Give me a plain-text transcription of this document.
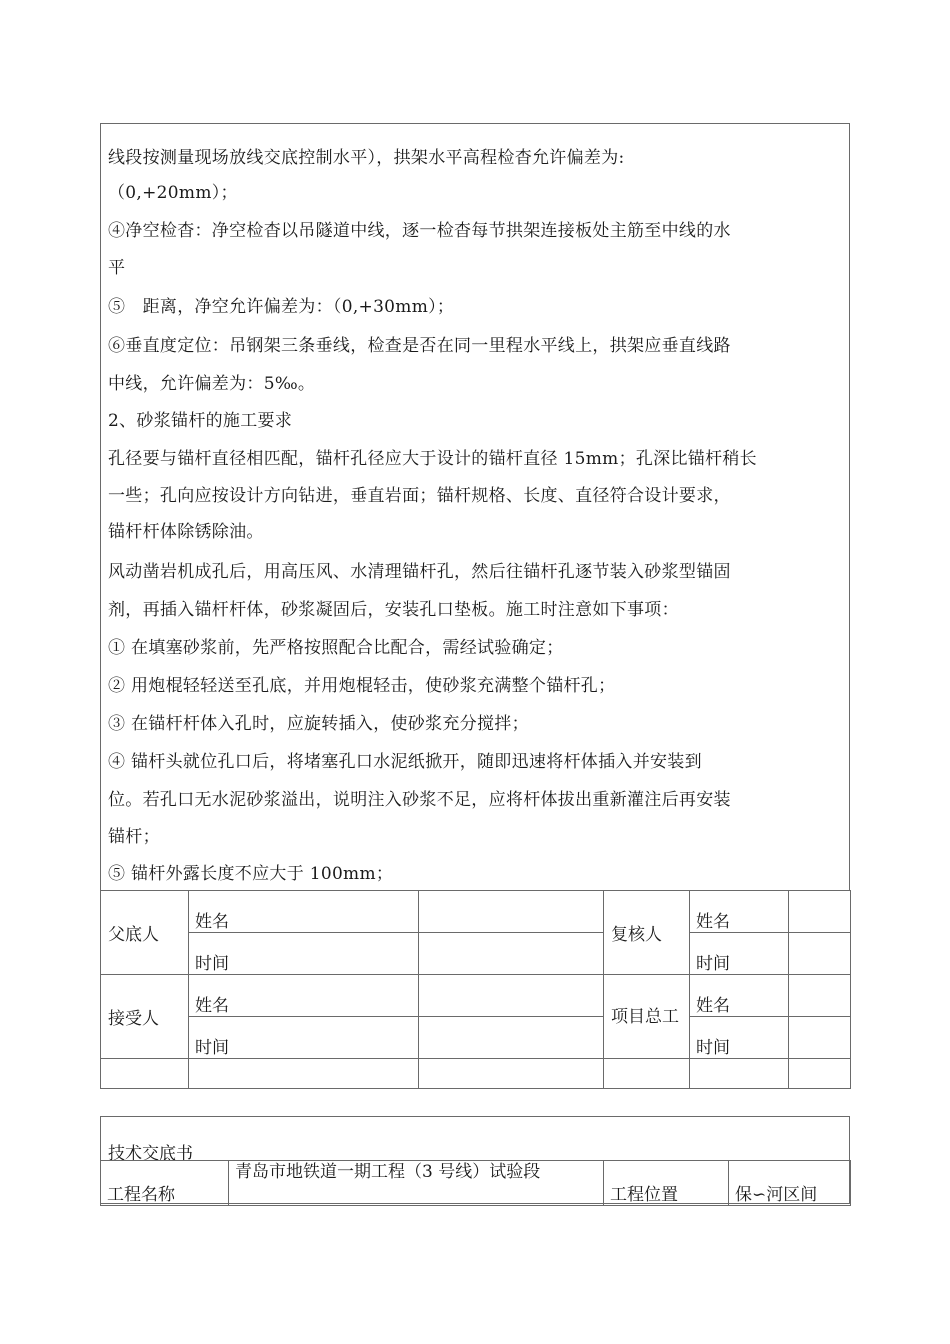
线段按测量现场放线交底控制水平），拱架水平高程检杳允许偏差为:
（0,+20mm）；
④净空检杳：净空检杳以吊隧道中线，逐一检杳每节拱架连接板处主筋至中线的水
平
⑤　距离，净空允许偏差为：（0,+30mm）；
⑥垂直度定位：吊钢架三条垂线，检查是否在同一里程水平线上，拱架应垂直线路
中线，允许偏差为：5‰。
2、砂浆锚杆的施工要求
孔径要与锚杆直径相匹配，锚杆孔径应大于设计的锚杆直径 15mm；孔深比锚杆稍长
一些；孔向应按设计方向钻进，垂直岩面；锚杆规格、长度、直径符合设计要求，
锚杆杆体除锈除油。
风动凿岩机成孔后，用高压风、水清理锚杆孔，然后往锚杆孔逐节装入砂浆型锚固
剂，再插入锚杆杆体，砂浆凝固后，安装孔口垫板。施工时注意如下事项：
① 在填塞砂浆前，先严格按照配合比配合，需经试验确定；
② 用炮棍轻轻送至孔底，并用炮棍轻击，使砂浆充满整个锚杆孔；
③ 在锚杆杆体入孔时，应旋转插入，使砂浆充分搅拌；
④ 锚杆头就位孔口后，将堵塞孔口水泥纸掀开，随即迅速将杆体插入并安装到
位。若孔口无水泥砂浆溢出，说明注入砂浆不足，应将杆体拔出重新灌注后再安装
锚杆；
⑤ 锚杆外露长度不应大于 100mm；
父底人	姓名		复核人	姓名	
	时间			时间	
接受人	姓名		项目总工	姓名	
	时间			时间	

技术交底书
工程名称	青岛市地铁道一期工程（3 号线）试验段	工程位置	保∽河区间
